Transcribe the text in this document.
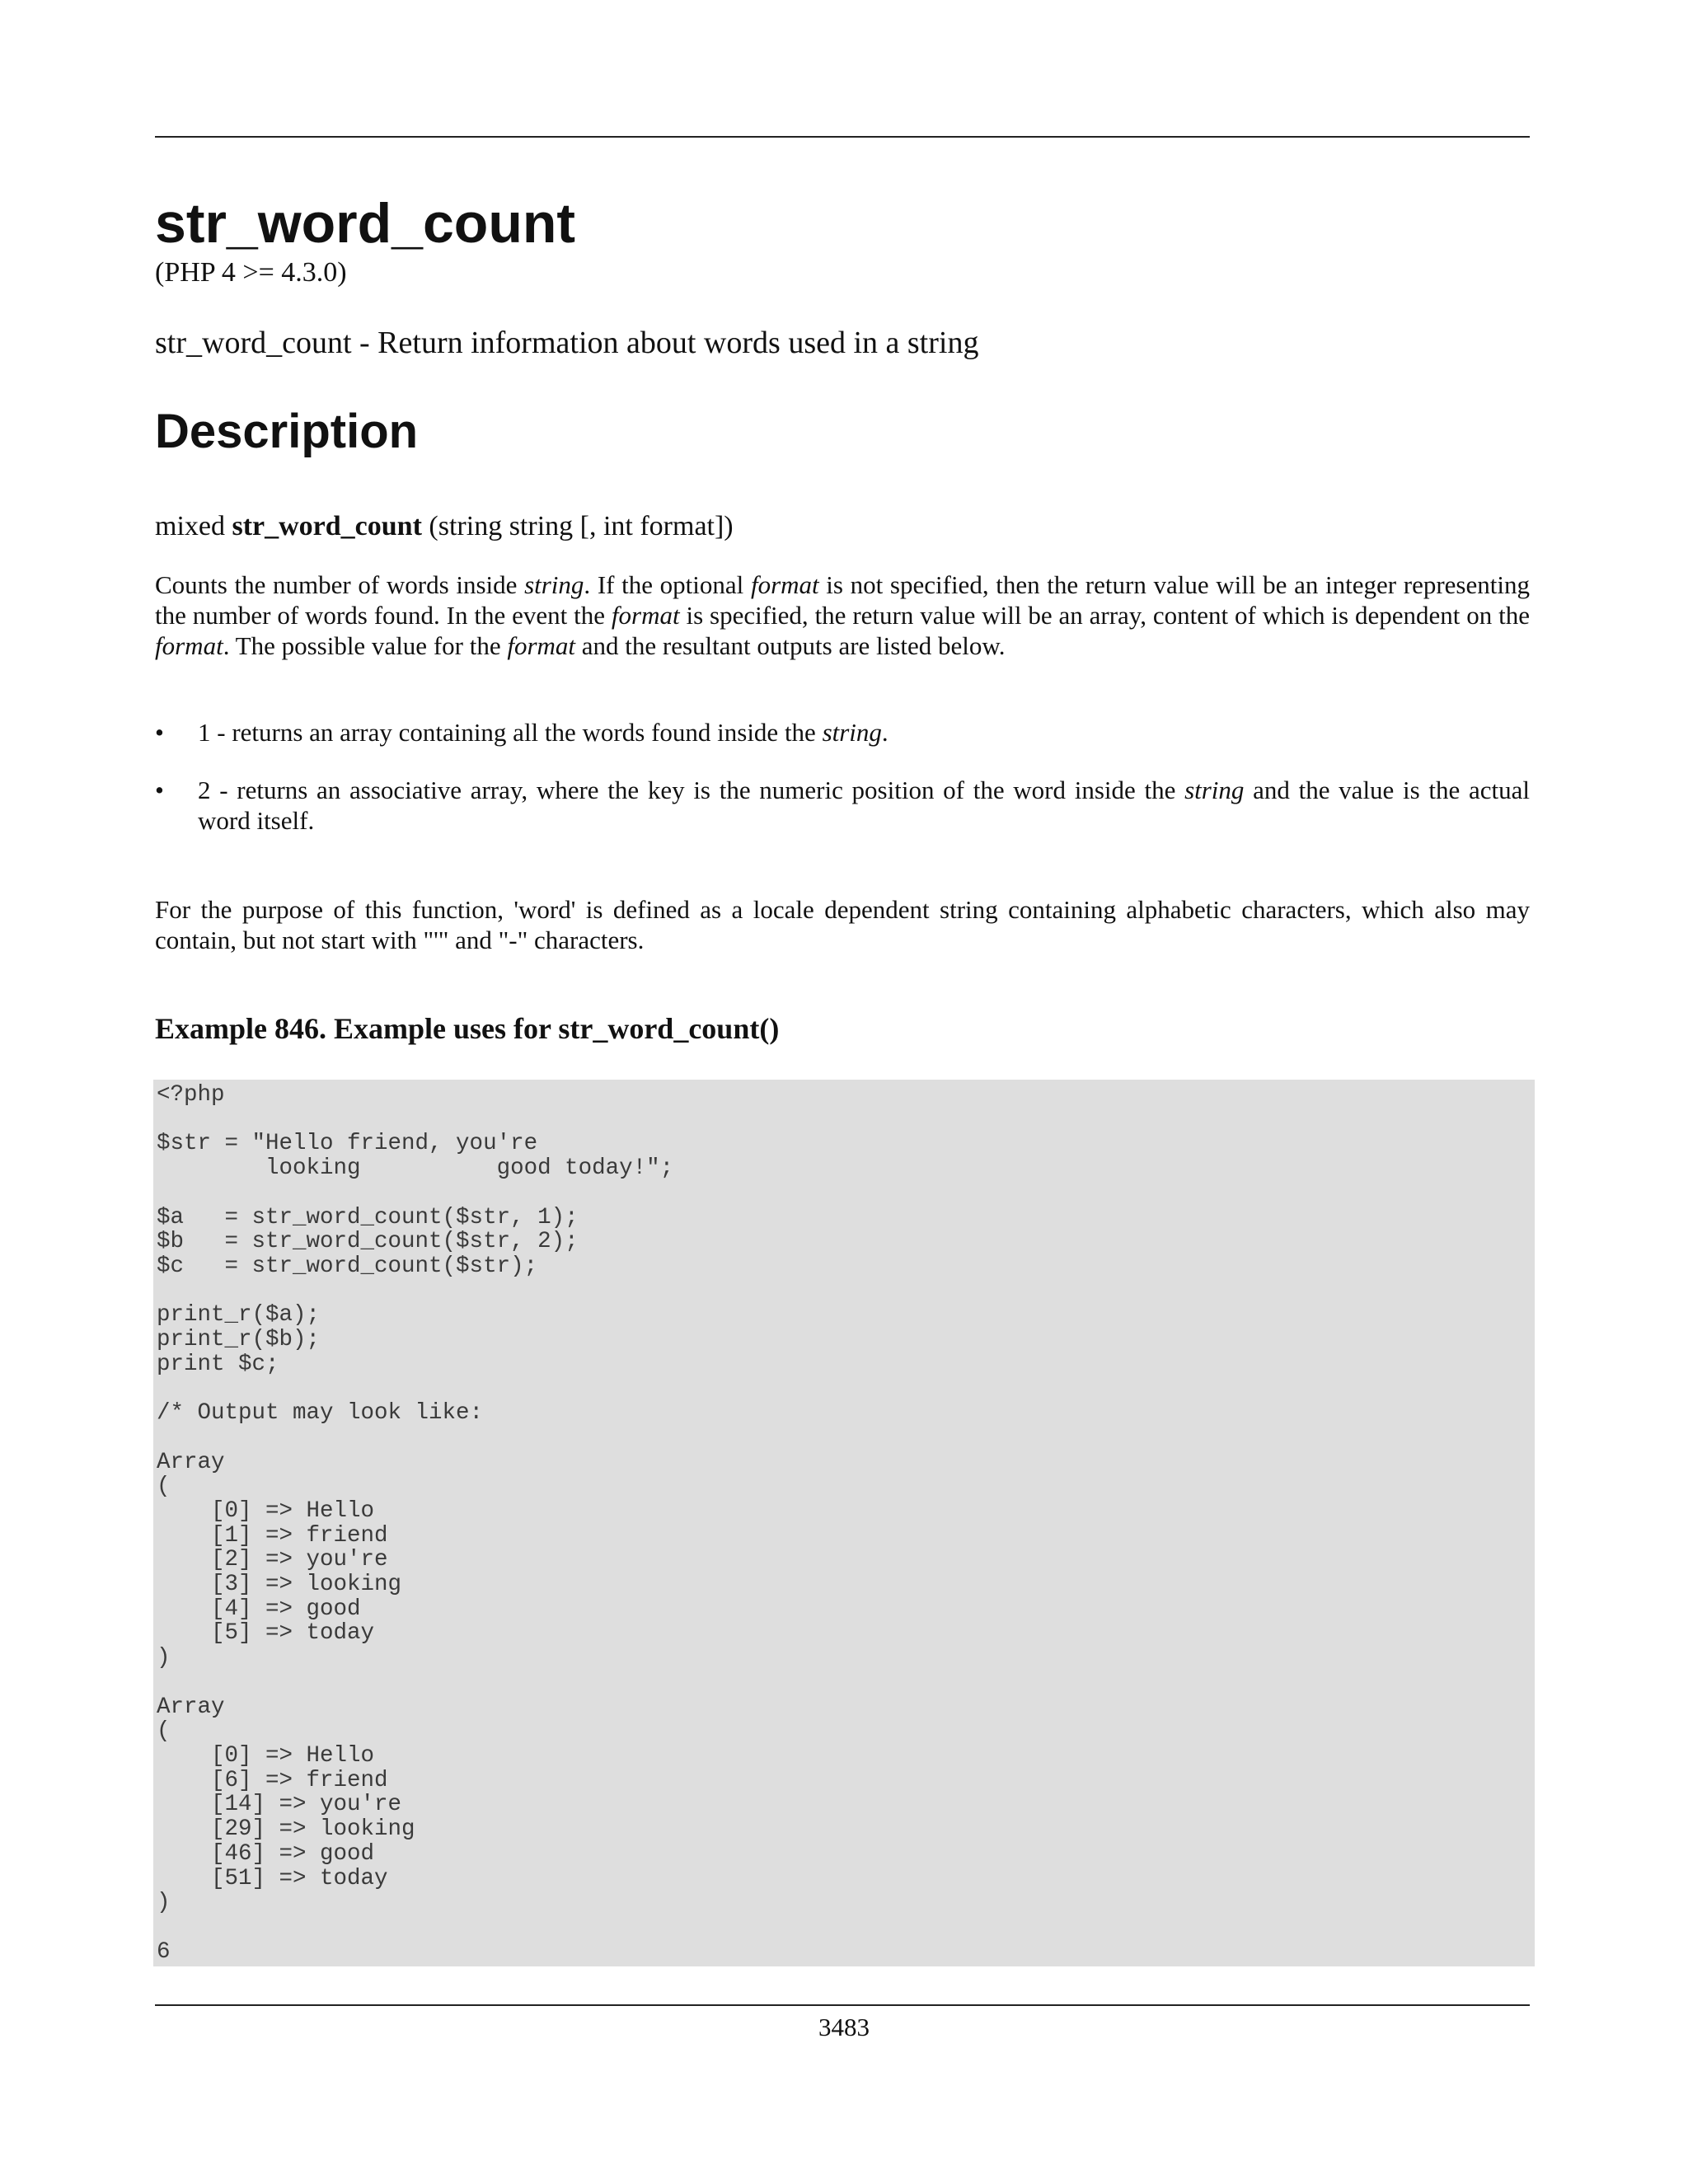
str_word_count
(PHP 4 >= 4.3.0)
str_word_count - Return information about words used in a string
Description
mixed str_word_count (string string [, int format])

Counts the number of words inside string. If the optional format is not specified, then the return value will be an integer representing the number of words found. In the event the format is specified, the return value will be an array, content of which is dependent on the format. The possible value for the format and the resultant outputs are listed below.

• 1 - returns an array containing all the words found inside the string.
• 2 - returns an associative array, where the key is the numeric position of the word inside the string and the value is the actual word itself.

For the purpose of this function, 'word' is defined as a locale dependent string containing alphabetic characters, which also may contain, but not start with "'" and "-" characters.

Example 846. Example uses for str_word_count()
<?php

$str = "Hello friend, you're
looking          good today!";

$a   = str_word_count($str, 1);
$b   = str_word_count($str, 2);
$c   = str_word_count($str);

print_r($a);
print_r($b);
print $c;

/* Output may look like:

Array
(
[0] => Hello
[1] => friend
[2] => you're
[3] => looking
[4] => good
[5] => today
)

Array
(
[0] => Hello
[6] => friend
[14] => you're
[29] => looking
[46] => good
[51] => today
)

6
3483
